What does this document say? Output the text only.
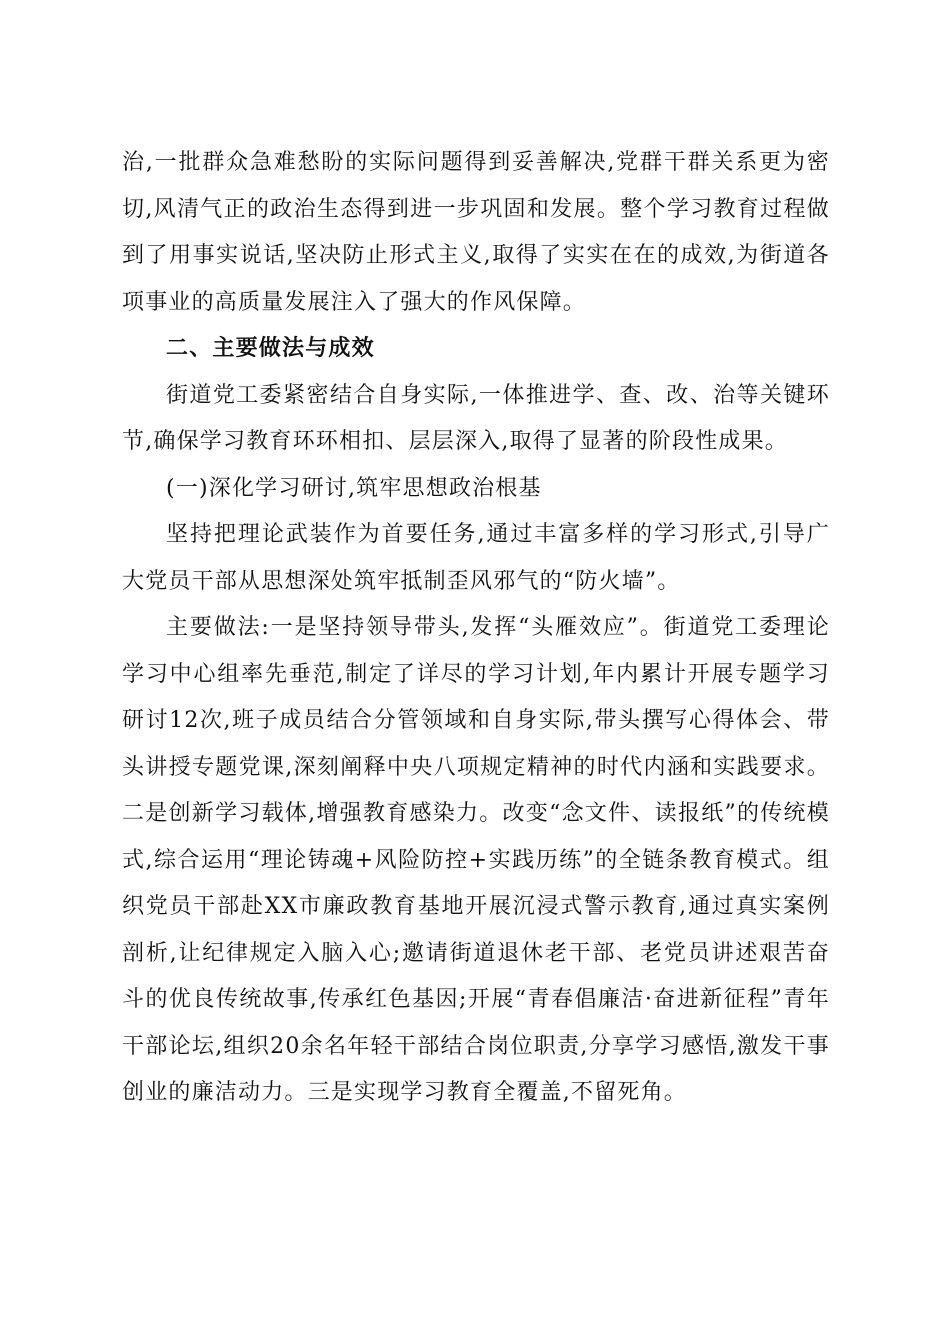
治,一批群众急难愁盼的实际问题得到妥善解决,党群干群关系更为密切,风清气正的政治生态得到进一步巩固和发展。整个学习教育过程做到了用事实说话,坚决防止形式主义,取得了实实在在的成效,为街道各项事业的高质量发展注入了强大的作风保障。

二、主要做法与成效

街道党工委紧密结合自身实际,一体推进学、查、改、治等关键环节,确保学习教育环环相扣、层层深入,取得了显著的阶段性成果。

(一)深化学习研讨,筑牢思想政治根基

坚持把理论武装作为首要任务,通过丰富多样的学习形式,引导广大党员干部从思想深处筑牢抵制歪风邪气的“防火墙”。

主要做法:一是坚持领导带头,发挥“头雁效应”。街道党工委理论学习中心组率先垂范,制定了详尽的学习计划,年内累计开展专题学习研讨12次,班子成员结合分管领域和自身实际,带头撰写心得体会、带头讲授专题党课,深刻阐释中央八项规定精神的时代内涵和实践要求。二是创新学习载体,增强教育感染力。改变“念文件、读报纸”的传统模式,综合运用“理论铸魂+风险防控+实践历练”的全链条教育模式。组织党员干部赴XX市廉政教育基地开展沉浸式警示教育,通过真实案例剖析,让纪律规定入脑入心;邀请街道退休老干部、老党员讲述艰苦奋斗的优良传统故事,传承红色基因;开展“青春倡廉洁·奋进新征程”青年干部论坛,组织20余名年轻干部结合岗位职责,分享学习感悟,激发干事创业的廉洁动力。三是实现学习教育全覆盖,不留死角。
